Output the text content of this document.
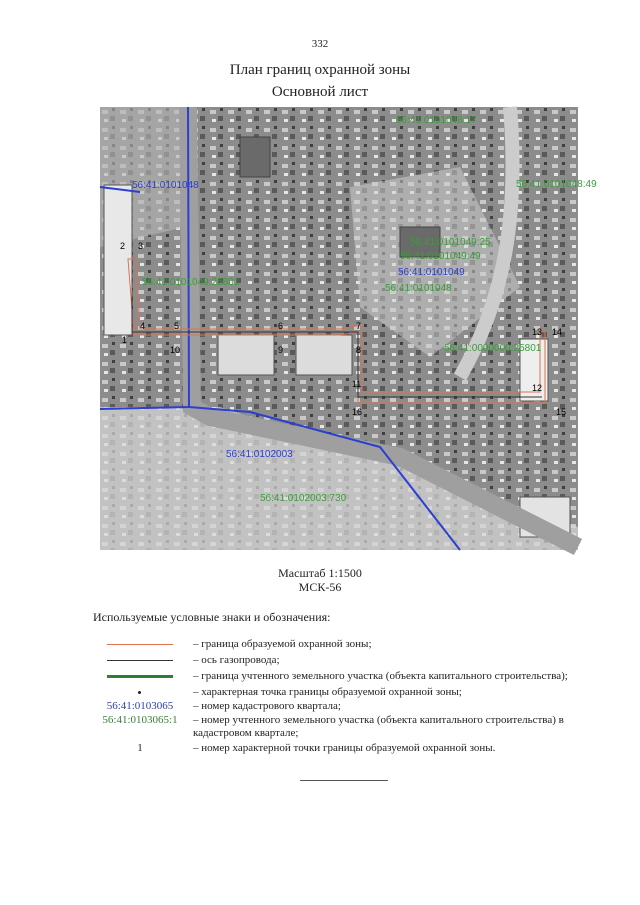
332
План границ охранной зоны
Основной лист
56:41:0101048
56:41:0101049
56:41:0102003
56:41:0101048:17
56:41:0101048:49
56:41:0101048
56:41:0101049:25
56:41:0101049:49
56:41:0101049:25801
56:41:0000000:25801
56:41:0102003:730
1
2 3
4	5	6	7
8
9
10
11	12
13 14
15
16
Масштаб 1:1500
МСК-56
Используемые условные знаки и обозначения:
– граница образуемой охранной зоны;
– ось газопровода;
– граница учтенного земельного участка (объекта капитального строительства);
– характерная точка границы образуемой охранной зоны;
56:41:0103065	– номер кадастрового квартала;
56:41:0103065:1	– номер учтенного земельного участка (объекта капитального строительства) в кадастровом квартале;
1	– номер характерной точки границы образуемой охранной зоны.
